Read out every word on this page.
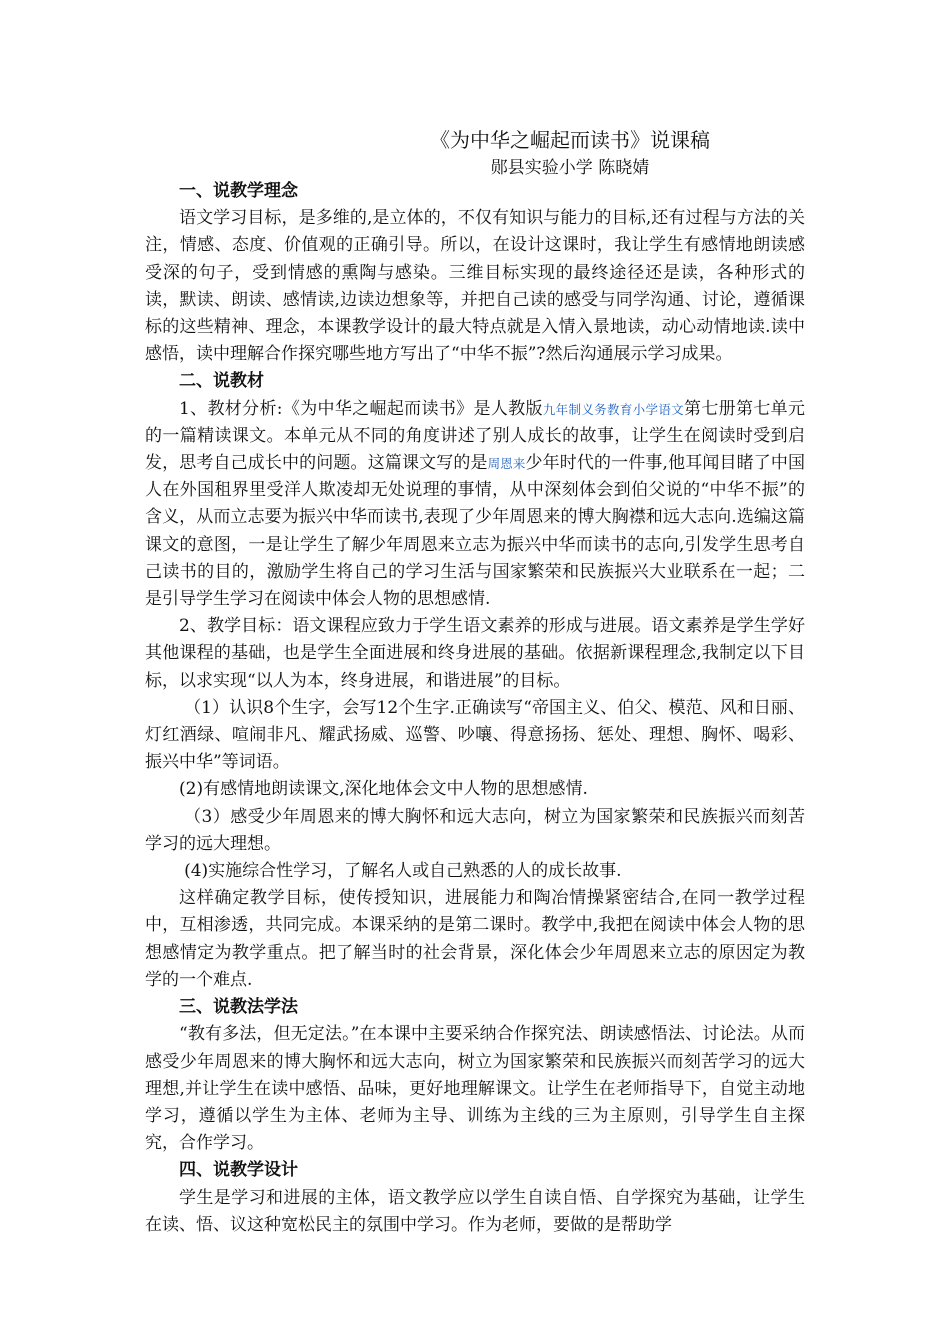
《为中华之崛起而读书》说课稿
郧县实验小学 陈晓婧
一、说教学理念

语文学习目标，是多维的,是立体的，不仅有知识与能力的目标,还有过程与方法的关注，情感、态度、价值观的正确引导。所以，在设计这课时，我让学生有感情地朗读感受深的句子，受到情感的熏陶与感染。三维目标实现的最终途径还是读，各种形式的读，默读、朗读、感情读,边读边想象等，并把自己读的感受与同学沟通、讨论，遵循课标的这些精神、理念，本课教学设计的最大特点就是入情入景地读，动心动情地读.读中感悟，读中理解合作探究哪些地方写出了“中华不振”?然后沟通展示学习成果。

二、说教材

1、教材分析:《为中华之崛起而读书》是人教版九年制义务教育小学语文第七册第七单元的一篇精读课文。本单元从不同的角度讲述了别人成长的故事，让学生在阅读时受到启发，思考自己成长中的问题。这篇课文写的是周恩来少年时代的一件事,他耳闻目睹了中国人在外国租界里受洋人欺凌却无处说理的事情，从中深刻体会到伯父说的“中华不振”的含义，从而立志要为振兴中华而读书,表现了少年周恩来的博大胸襟和远大志向.选编这篇课文的意图，一是让学生了解少年周恩来立志为振兴中华而读书的志向,引发学生思考自己读书的目的，激励学生将自己的学习生活与国家繁荣和民族振兴大业联系在一起；二是引导学生学习在阅读中体会人物的思想感情.

2、教学目标：语文课程应致力于学生语文素养的形成与进展。语文素养是学生学好其他课程的基础，也是学生全面进展和终身进展的基础。依据新课程理念,我制定以下目标，以求实现“以人为本，终身进展，和谐进展”的目标。

（1）认识8个生字，会写12个生字.正确读写“帝国主义、伯父、模范、风和日丽、灯红酒绿、喧闹非凡、耀武扬威、巡警、吵嚷、得意扬扬、惩处、理想、胸怀、喝彩、振兴中华”等词语。

(2)有感情地朗读课文,深化地体会文中人物的思想感情.

（3）感受少年周恩来的博大胸怀和远大志向，树立为国家繁荣和民族振兴而刻苦学习的远大理想。

(4)实施综合性学习，了解名人或自己熟悉的人的成长故事.

这样确定教学目标，使传授知识，进展能力和陶冶情操紧密结合,在同一教学过程中，互相渗透，共同完成。本课采纳的是第二课时。教学中,我把在阅读中体会人物的思想感情定为教学重点。把了解当时的社会背景，深化体会少年周恩来立志的原因定为教学的一个难点.

三、说教法学法

“教有多法，但无定法。”在本课中主要采纳合作探究法、朗读感悟法、讨论法。从而感受少年周恩来的博大胸怀和远大志向，树立为国家繁荣和民族振兴而刻苦学习的远大理想,并让学生在读中感悟、品味，更好地理解课文。让学生在老师指导下，自觉主动地学习，遵循以学生为主体、老师为主导、训练为主线的三为主原则，引导学生自主探究，合作学习。

四、说教学设计

学生是学习和进展的主体，语文教学应以学生自读自悟、自学探究为基础，让学生在读、悟、议这种宽松民主的氛围中学习。作为老师，要做的是帮助学
